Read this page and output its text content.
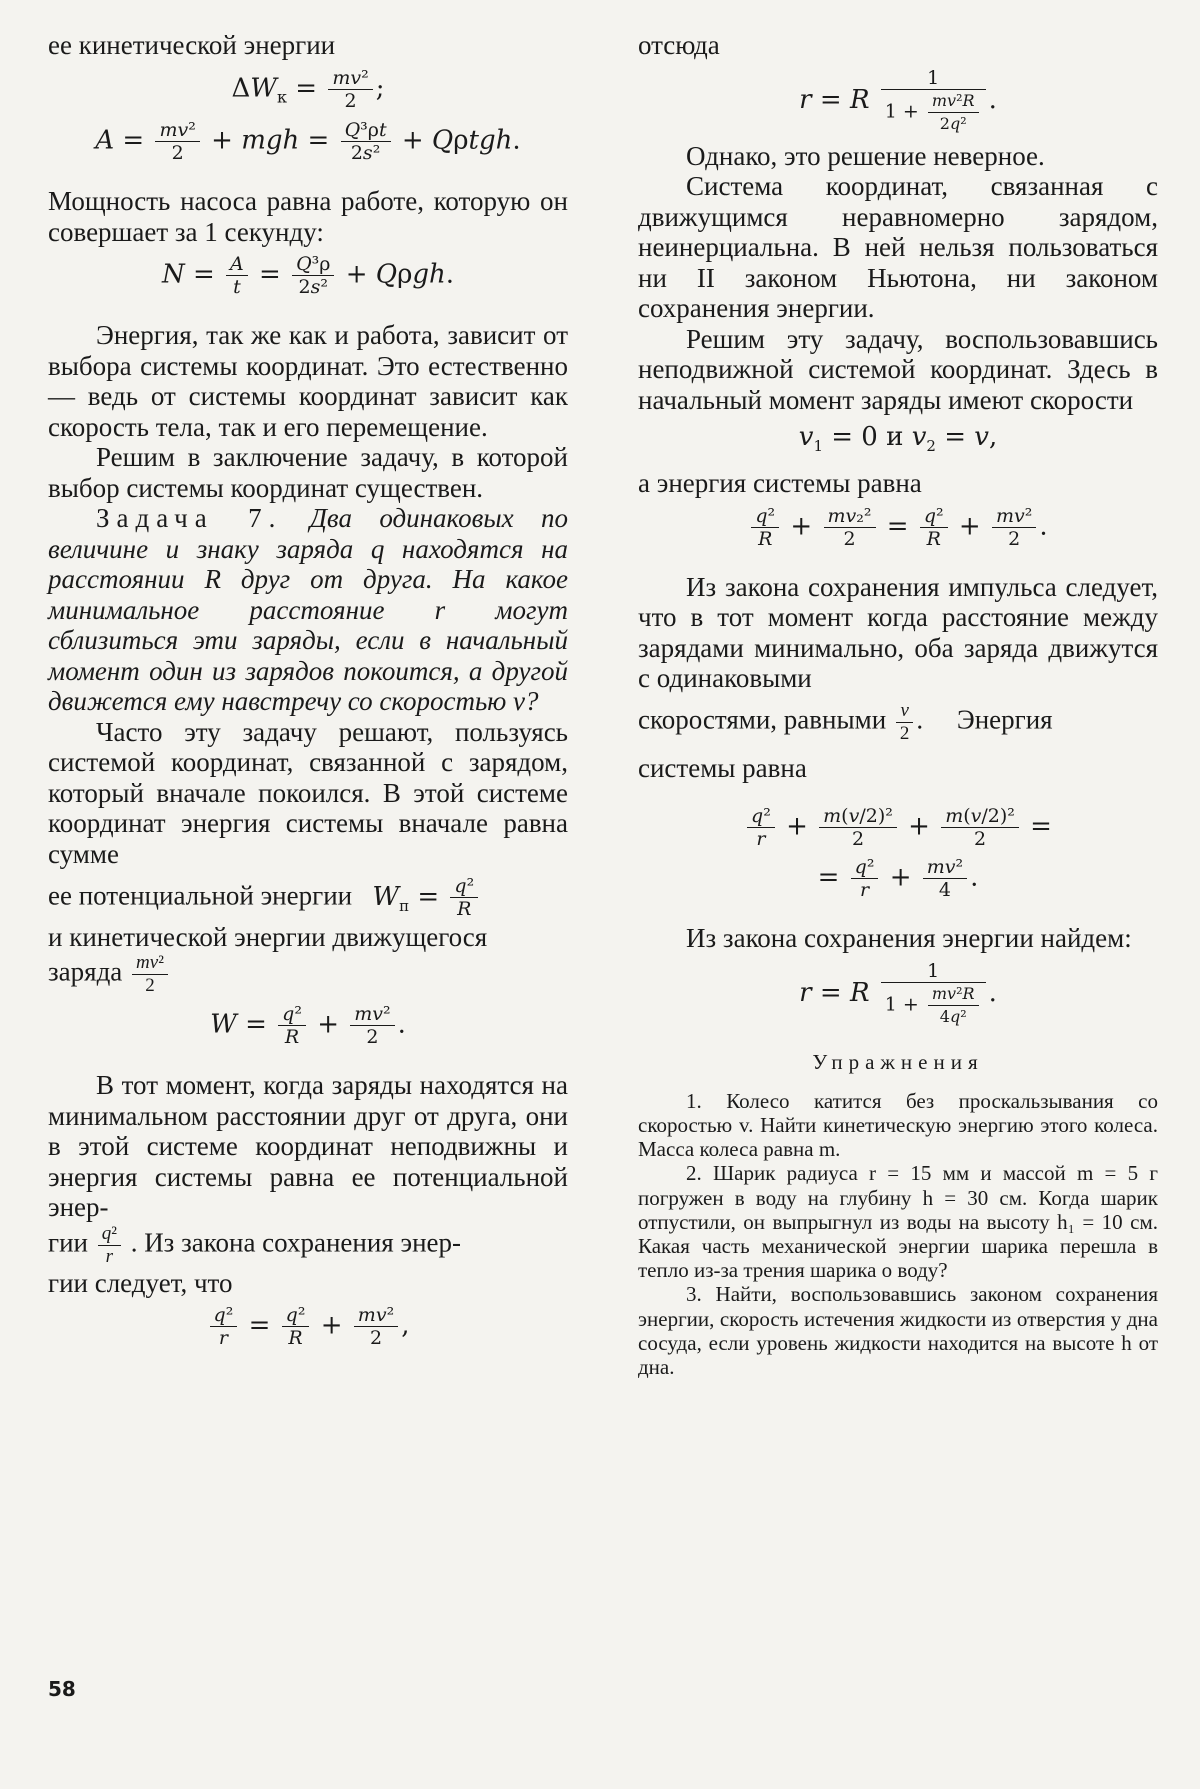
ее кинетической энергии

$\Delta W_к = \frac{\text{mv²}}{2}$ ;
$A = \frac{\text{mv²}}{2}$ + mgh = $\frac{\text{Q³ρt}}{\text{2s²}} + Q\rho tgh$.

Мощность насоса равна работе, которую он совершает за 1 секунду:

$N = \frac{A}{t} = \frac{\text{Q³ρ}}{\text{2s²}} + Q\rho gh$.

Энергия, так же как и работа, зависит от выбора системы координат. Это естественно — ведь от системы координат зависит как скорость тела, так и его перемещение.

Решим в заключение задачу, в которой выбор системы координат существен.

Задача 7. Два одинаковых по величине и знаку заряда q находятся на расстоянии R друг от друга. На какое минимальное расстояние r могут сблизиться эти заряды, если в начальный момент один из зарядов покоится, а другой движется ему навстречу со скоростью v?

Часто эту задачу решают, пользуясь системой координат, связанной с зарядом, который вначале покоился. В этой системе координат энергия системы вначале равна сумме

ее потенциальной энергии $W_п = \frac{\text{q²}}{R}$

и кинетической энергии движущегося

заряда $\frac{\text{mv²}}{2}$

$W = \frac{\text{q²}}{R} + \frac{\text{mv²}}{2}$ .

В тот момент, когда заряды находятся на минимальном расстоянии друг от друга, они в этой системе координат неподвижны и энергия системы равна ее потенциальной энер-

гии $\frac{\text{q²}}{r}$ . Из закона сохранения энер-

гии следует, что

$\frac{\text{q²}}{r} = \frac{\text{q²}}{R} + \frac{\text{mv²}}{2}$ ,

отсюда

r = R $\frac{1}{1 + \frac{\text{mv²R}}{\text{2q²}}}$ .

Однако, это решение неверное.

Система координат, связанная с движущимся неравномерно зарядом, неинерциальна. В ней нельзя пользоваться ни II законом Ньютона, ни законом сохранения энергии.

Решим эту задачу, воспользовавшись неподвижной системой координат. Здесь в начальный момент заряды имеют скорости

$v_1 = 0$ и $v_2 = v$,

а энергия системы равна

$\frac{\text{q²}}{R} + \frac{\text{mv₂²}}{2} = \frac{\text{q²}}{R} + \frac{\text{mv²}}{2}$ .

Из закона сохранения импульса следует, что в тот момент когда расстояние между зарядами минимально, оба заряда движутся с одинаковыми

скоростями, равными $\frac{v}{2}$ .     Энергия

системы равна

$\frac{\text{q²}}{r} + \frac{\text{m(v/2)²}}{2} + \frac{\text{m(v/2)²}}{2}$ =
= $\frac{\text{q²}}{r} + \frac{\text{mv²}}{4}$ .

Из закона сохранения энергии найдем:

r = R $\frac{1}{1 + \frac{\text{mv²R}}{\text{4q²}}}$ .
Упражнения

1. Колесо катится без проскальзывания со скоростью v. Найти кинетическую энергию этого колеса. Масса колеса равна m.

2. Шарик радиуса r = 15 мм и массой m = 5 г погружен в воду на глубину h = 30 см. Когда шарик отпустили, он выпрыгнул из воды на высоту h₁ = 10 см. Какая часть механической энергии шарика перешла в тепло из-за трения шарика о воду?

3. Найти, воспользовавшись законом сохранения энергии, скорость истечения жидкости из отверстия у дна сосуда, если уровень жидкости находится на высоте h от дна.

58
